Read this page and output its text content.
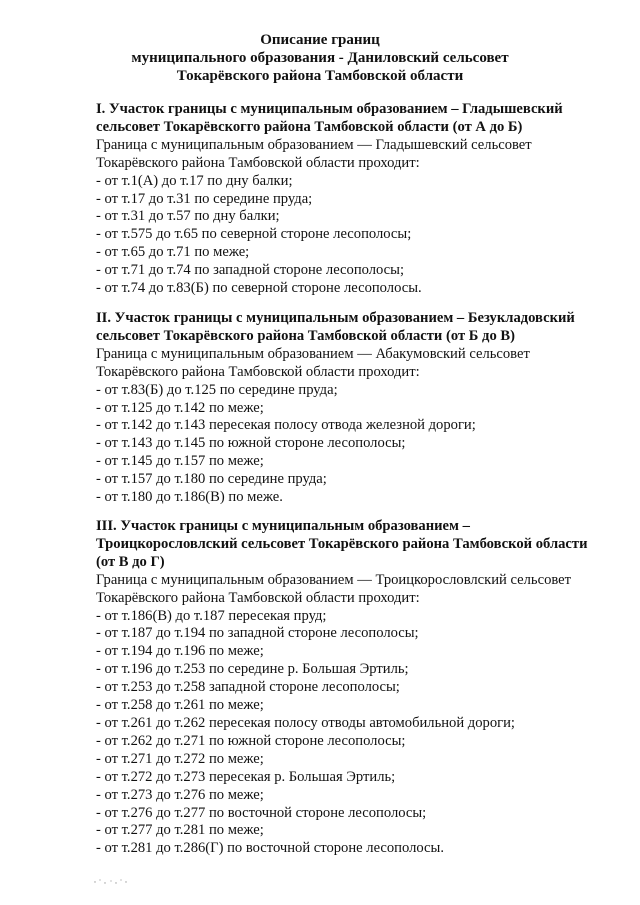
Описание границ
муниципального образования - Даниловский сельсовет
Токарёвского района Тамбовской области
I. Участок границы с муниципальным образованием – Гладышевский
сельсовет Токарёвскогго района Тамбовской области (от А до Б)
Граница с муниципальным образованием — Гладышевский сельсовет
Токарёвского района Тамбовской области проходит:
- от т.1(А) до т.17 по дну балки;
- от т.17 до т.31 по середине пруда;
- от т.31 до т.57 по дну балки;
- от т.575 до т.65 по северной стороне лесополосы;
- от т.65 до т.71 по меже;
- от т.71 до т.74 по западной стороне лесополосы;
- от т.74 до т.83(Б) по северной стороне лесополосы.
II. Участок границы с муниципальным образованием – Безукладовский
сельсовет Токарёвского района Тамбовской области (от Б до В)
Граница с муниципальным образованием — Абакумовский сельсовет
Токарёвского района Тамбовской области проходит:
- от т.83(Б) до т.125 по середине пруда;
- от т.125 до т.142 по меже;
- от т.142 до т.143 пересекая полосу отвода железной дороги;
- от т.143 до т.145 по южной стороне лесополосы;
- от т.145 до т.157 по меже;
- от т.157 до т.180 по середине пруда;
- от т.180 до т.186(В) по меже.
III. Участок границы с муниципальным образованием –
Троицкорословлский сельсовет Токарёвского района Тамбовской области
(от В до Г)
Граница с муниципальным образованием — Троицкорословлский сельсовет
Токарёвского района Тамбовской области проходит:
- от т.186(В) до т.187 пересекая пруд;
- от т.187 до т.194 по западной стороне лесополосы;
- от т.194 до т.196 по меже;
- от т.196 до т.253 по середине р. Большая Эртиль;
- от т.253 до т.258 западной стороне лесополосы;
- от т.258 до т.261 по меже;
- от т.261 до т.262 пересекая полосу отводы автомобильной дороги;
- от т.262 до т.271 по южной стороне лесополосы;
- от т.271 до т.272 по меже;
- от т.272 до т.273 пересекая р. Большая Эртиль;
- от т.273 до т.276 по меже;
- от т.276 до т.277 по восточной стороне лесополосы;
- от т.277 до т.281 по меже;
- от т.281 до т.286(Г) по восточной стороне лесополосы.
